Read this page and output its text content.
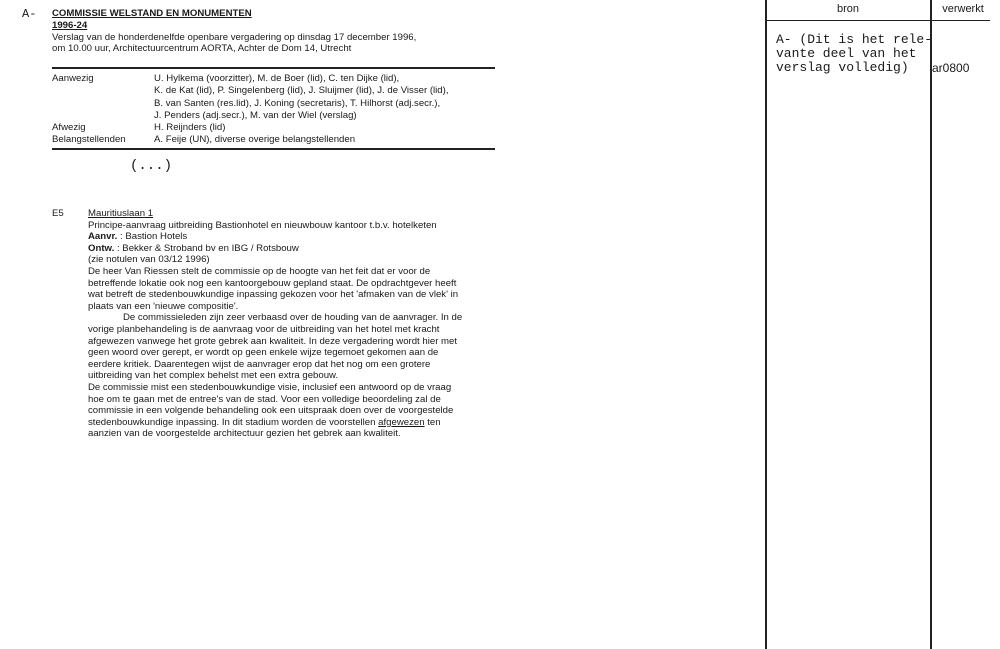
A- COMMISSIE WELSTAND EN MONUMENTEN
1996-24
Verslag van de honderdenelfde openbare vergadering op dinsdag 17 december 1996,
om 10.00 uur, Architectuurcentrum AORTA, Achter de Dom 14, Utrecht
Aanwezig	U. Hylkema (voorzitter), M. de Boer (lid), C. ten Dijke (lid),
K. de Kat (lid), P. Singelenberg (lid), J. Sluijmer (lid), J. de Visser (lid),
B. van Santen (res.lid), J. Koning (secretaris), T. Hilhorst (adj.secr.),
J. Penders (adj.secr.), M. van der Wiel (verslag)
Afwezig	H. Reijnders (lid)
Belangstellenden	A. Feije (UN), diverse overige belangstellenden
(...)
E5	Mauritiuslaan 1
Principe-aanvraag uitbreiding Bastionhotel en nieuwbouw kantoor t.b.v. hotelketen
Aanvr. : Bastion Hotels
Ontw. : Bekker & Stroband bv en IBG / Rotsbouw
(zie notulen van 03/12 1996)
De heer Van Riessen stelt de commissie op de hoogte van het feit dat er voor de
betreffende lokatie ook nog een kantoorgebouw gepland staat. De opdrachtgever heeft
wat betreft de stedenbouwkundige inpassing gekozen voor het 'afmaken van de vlek' in
plaats van een 'nieuwe compositie'.
De commissieleden zijn zeer verbaasd over de houding van de aanvrager. In de
vorige planbehandeling is de aanvraag voor de uitbreiding van het hotel met kracht
afgewezen vanwege het grote gebrek aan kwaliteit. In deze vergadering wordt hier met
geen woord over gerept, er wordt op geen enkele wijze tegemoet gekomen aan de
eerdere kritiek. Daarentegen wijst de aanvrager erop dat het nog om een grotere
uitbreiding van het complex behelst met een extra gebouw.
De commissie mist een stedenbouwkundige visie, inclusief een antwoord op de vraag
hoe om te gaan met de entree's van de stad. Voor een volledige beoordeling zal de
commissie in een volgende behandeling ook een uitspraak doen over de voorgestelde
stedenbouwkundige inpassing. In dit stadium worden de voorstellen afgewezen ten
aanzien van de voorgestelde architectuur gezien het gebrek aan kwaliteit.
bron	verwerkt
A- (Dit is het rele-
vante deel van het
verslag volledig)	ar0800
